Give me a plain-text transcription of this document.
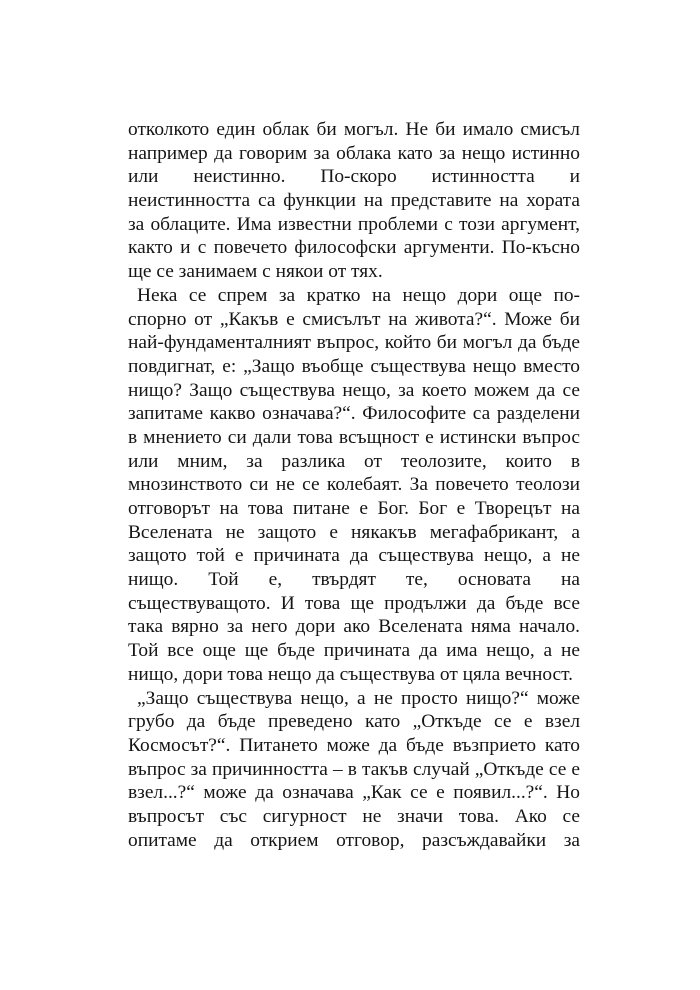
отколкото един облак би могъл. Не би имало смисъл
например да говорим за облака като за нещо истинно
или неистинно. По-скоро истинността и
неистинността са функции на представите на хората
за облаците. Има известни проблеми с този аргумент,
както и с повечето философски аргументи. По-късно
ще се занимаем с някои от тях.
Нека се спрем за кратко на нещо дори още по-
спорно от „Какъв е смисълът на живота?“. Може би
най-фундаменталният въпрос, който би могъл да бъде
повдигнат, е: „Защо въобще съществува нещо вместо
нищо? Защо съществува нещо, за което можем да се
запитаме какво означава?“. Философите са разделени
в мнението си дали това всъщност е истински въпрос
или мним, за разлика от теолозите, които в
мнозинството си не се колебаят. За повечето теолози
отговорът на това питане е Бог. Бог е Творецът на
Вселената не защото е някакъв мегафабрикант, а
защото той е причината да съществува нещо, а не
нищо. Той е, твърдят те, основата на
съществуващото. И това ще продължи да бъде все
така вярно за него дори ако Вселената няма начало.
Той все още ще бъде причината да има нещо, а не
нищо, дори това нещо да съществува от цяла вечност.
„Защо съществува нещо, а не просто нищо?“ може
грубо да бъде преведено като „Откъде се е взел
Космосът?“. Питането може да бъде възприето като
въпрос за причинността – в такъв случай „Откъде се е
взел...?“ може да означава „Как се е появил...?“. Но
въпросът със сигурност не значи това. Ако се
опитаме да открием отговор, разсъждавайки за
